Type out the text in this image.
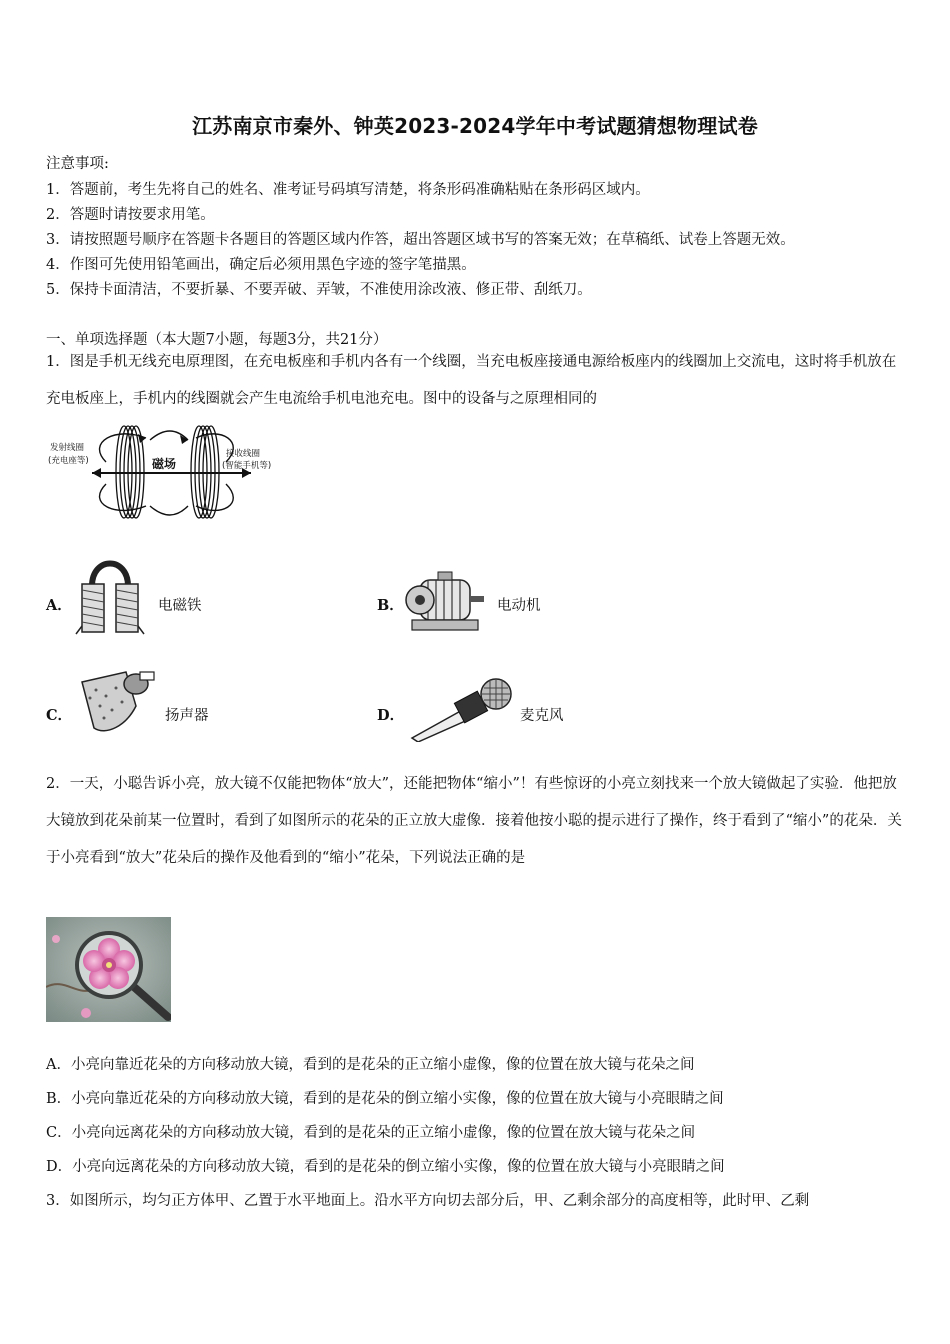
江苏南京市秦外、钟英2023-2024学年中考试题猜想物理试卷
注意事项:
1．答题前，考生先将自己的姓名、准考证号码填写清楚，将条形码准确粘贴在条形码区域内。
2．答题时请按要求用笔。
3．请按照题号顺序在答题卡各题目的答题区域内作答，超出答题区域书写的答案无效；在草稿纸、试卷上答题无效。
4．作图可先使用铅笔画出，确定后必须用黑色字迹的签字笔描黑。
5．保持卡面清洁，不要折暴、不要弄破、弄皱，不准使用涂改液、修正带、刮纸刀。
一、单项选择题（本大题7小题，每题3分，共21分）
1．图是手机无线充电原理图，在充电板座和手机内各有一个线圈，当充电板座接通电源给板座内的线圈加上交流电，这时将手机放在充电板座上，手机内的线圈就会产生电流给手机电池充电。图中的设备与之原理相同的
发射线圈
(充电座等)	磁场
接收线圈
(智能手机等)
A．	电磁铁	B．	电动机
C．	扬声器	D．	麦克风
2．一天，小聪告诉小亮，放大镜不仅能把物体“放大”，还能把物体“缩小”！有些惊讶的小亮立刻找来一个放大镜做起了实验．他把放大镜放到花朵前某一位置时，看到了如图所示的花朵的正立放大虚像．接着他按小聪的提示进行了操作，终于看到了“缩小”的花朵．关于小亮看到“放大”花朵后的操作及他看到的“缩小”花朵，下列说法正确的是
A．小亮向靠近花朵的方向移动放大镜，看到的是花朵的正立缩小虚像，像的位置在放大镜与花朵之间
B．小亮向靠近花朵的方向移动放大镜，看到的是花朵的倒立缩小实像，像的位置在放大镜与小亮眼睛之间
C．小亮向远离花朵的方向移动放大镜，看到的是花朵的正立缩小虚像，像的位置在放大镜与花朵之间
D．小亮向远离花朵的方向移动放大镜，看到的是花朵的倒立缩小实像，像的位置在放大镜与小亮眼睛之间
3．如图所示，均匀正方体甲、乙置于水平地面上。沿水平方向切去部分后，甲、乙剩余部分的高度相等，此时甲、乙剩
